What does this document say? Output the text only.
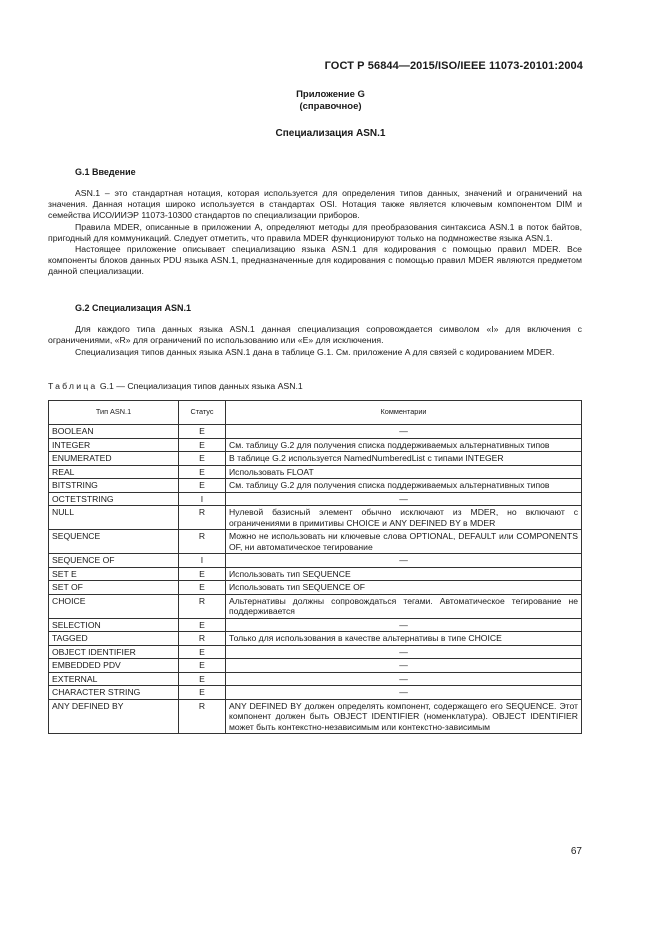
ГОСТ Р 56844—2015/ISO/IEEE 11073-20101:2004
Приложение G
(справочное)
Специализация ASN.1
G.1 Введение

ASN.1 – это стандартная нотация, которая используется для определения типов данных, значений и ограничений на значения. Данная нотация широко используется в стандартах OSI. Нотация также является ключевым компонентом DIM и семейства ИСО/ИИЭР 11073-10300 стандартов по специализации приборов.

Правила MDER, описанные в приложении A, определяют методы для преобразования синтаксиса ASN.1 в поток байтов, пригодный для коммуникаций. Следует отметить, что правила MDER функционируют только на подмножестве языка ASN.1.

Настоящее приложение описывает специализацию языка ASN.1 для кодирования с помощью правил MDER. Все компоненты блоков данных PDU языка ASN.1, предназначенные для кодирования с помощью правил MDER являются предметом данной специализации.

G.2 Специализация ASN.1

Для каждого типа данных языка ASN.1 данная специализация сопровождается символом «I» для включения с ограничениями, «R» для ограничений по использованию или «E» для исключения.

Специализация типов данных языка ASN.1 дана в таблице G.1. См. приложение A для связей с кодированием MDER.

Таблица G.1 — Специализация типов данных языка ASN.1
Тип ASN.1	Статус	Комментарии
BOOLEAN	E	—
INTEGER	E	См. таблицу G.2 для получения списка поддерживаемых альтернативных типов
ENUMERATED	E	В таблице G.2 используется NamedNumberedList с типами INTEGER
REAL	E	Использовать FLOAT
BITSTRING	E	См. таблицу G.2 для получения списка поддерживаемых альтернативных типов
OCTETSTRING	I	—
NULL	R	Нулевой базисный элемент обычно исключают из MDER, но включают с ограничениями в примитивы CHOICE и ANY DEFINED BY в MDER
SEQUENCE	R	Можно не использовать ни ключевые слова OPTIONAL, DEFAULT или COMPONENTS OF, ни автоматическое тегирование
SEQUENCE OF	I	—
SET E	E	Использовать тип SEQUENCE
SET OF	E	Использовать тип SEQUENCE OF
CHOICE	R	Альтернативы должны сопровождаться тегами. Автоматическое тегирование не поддерживается
SELECTION	E	—
TAGGED	R	Только для использования в качестве альтернативы в типе CHOICE
OBJECT IDENTIFIER	E	—
EMBEDDED PDV	E	—
EXTERNAL	E	—
CHARACTER STRING	E	—
ANY DEFINED BY	R	ANY DEFINED BY должен определять компонент, содержащего его SEQUENCE. Этот компонент должен быть OBJECT IDENTIFIER (номенклатура). OBJECT IDENTIFIER может быть контекстно-независимым или контекстно-зависимым
67
